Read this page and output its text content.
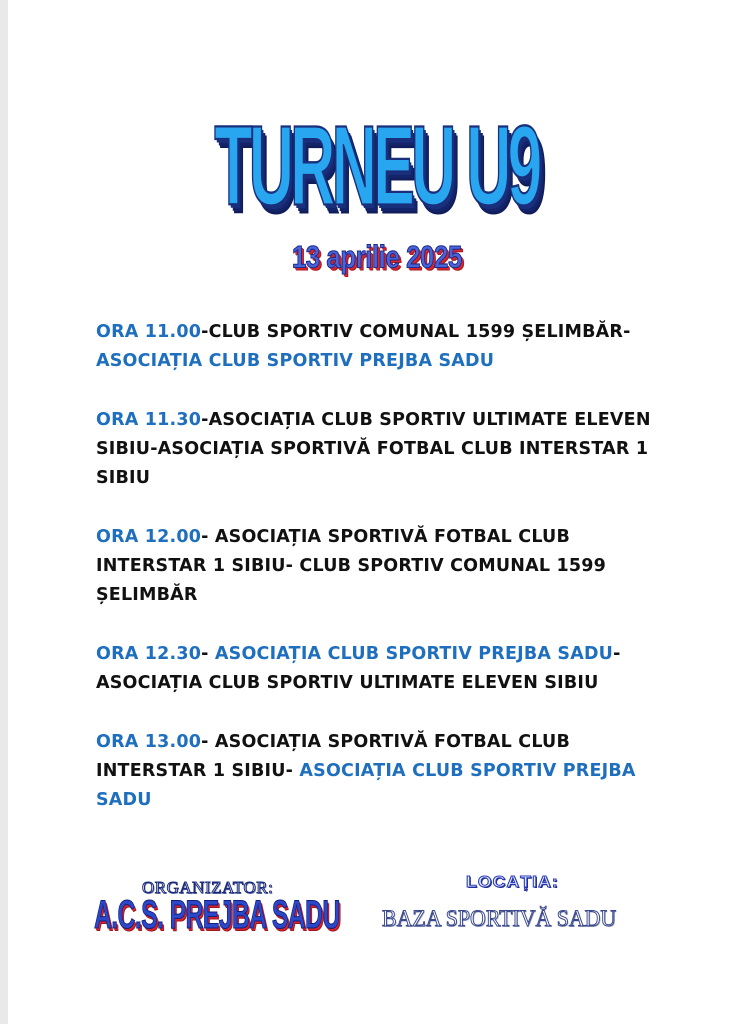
TURNEU U9
13 aprilie 2025

ORA 11.00-CLUB SPORTIV COMUNAL 1599 ȘELIMBĂR-ASOCIAȚIA CLUB SPORTIV PREJBA SADU

ORA 11.30-ASOCIAȚIA CLUB SPORTIV ULTIMATE ELEVEN SIBIU-ASOCIAȚIA SPORTIVĂ FOTBAL CLUB INTERSTAR 1 SIBIU

ORA 12.00- ASOCIAȚIA SPORTIVĂ FOTBAL CLUB INTERSTAR 1 SIBIU- CLUB SPORTIV COMUNAL 1599 ȘELIMBĂR

ORA 12.30- ASOCIAȚIA CLUB SPORTIV PREJBA SADU- ASOCIAȚIA CLUB SPORTIV ULTIMATE ELEVEN SIBIU

ORA 13.00- ASOCIAȚIA SPORTIVĂ FOTBAL CLUB INTERSTAR 1 SIBIU- ASOCIAȚIA CLUB SPORTIV PREJBA SADU

ORGANIZATOR:
A.C.S. PREJBA SADU
LOCAȚIA:
BAZA SPORTIVĂ SADU
